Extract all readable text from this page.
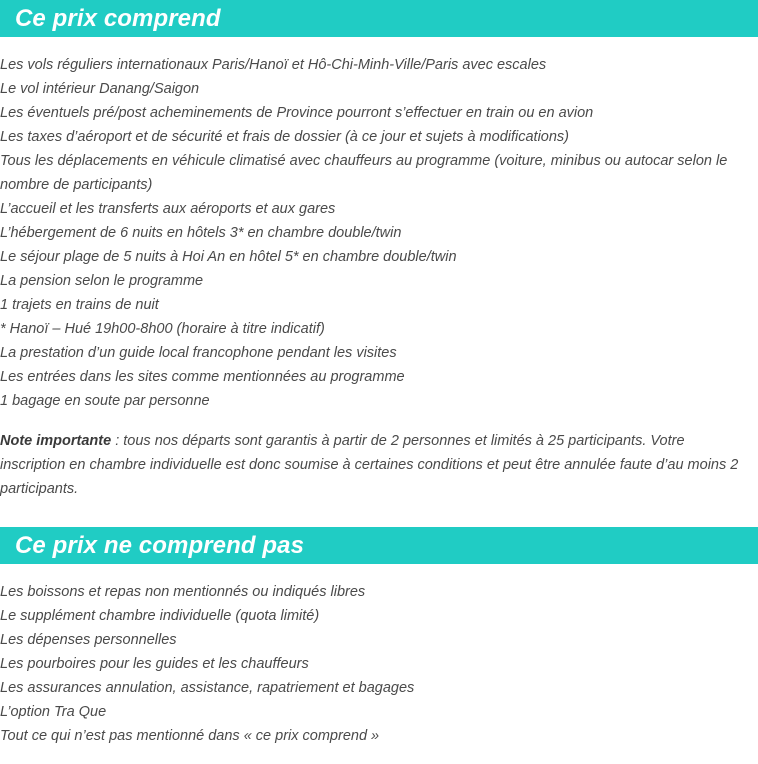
Ce prix comprend
Les vols réguliers internationaux Paris/Hanoï et Hô-Chi-Minh-Ville/Paris avec escales
Le vol intérieur Danang/Saigon
Les éventuels pré/post acheminements de Province pourront s’effectuer en train ou en avion
Les taxes d’aéroport et de sécurité et frais de dossier (à ce jour et sujets à modifications)
Tous les déplacements en véhicule climatisé avec chauffeurs au programme (voiture, minibus ou autocar selon le nombre de participants)
L’accueil et les transferts aux aéroports et aux gares
L’hébergement de 6 nuits en hôtels 3* en chambre double/twin
Le séjour plage de 5 nuits à Hoi An en hôtel 5* en chambre double/twin
La pension selon le programme
1 trajets en trains de nuit
* Hanoï – Hué 19h00-8h00 (horaire à titre indicatif)
La prestation d’un guide local francophone pendant les visites
Les entrées dans les sites comme mentionnées au programme
1 bagage en soute par personne

Note importante : tous nos départs sont garantis à partir de 2 personnes et limités à 25 participants. Votre inscription en chambre individuelle est donc soumise à certaines conditions et peut être annulée faute d’au moins 2 participants.

Ce prix ne comprend pas
Les boissons et repas non mentionnés ou indiqués libres
Le supplément chambre individuelle (quota limité)
Les dépenses personnelles
Les pourboires pour les guides et les chauffeurs
Les assurances annulation, assistance, rapatriement et bagages
L’option Tra Que
Tout ce qui n’est pas mentionné dans « ce prix comprend »
